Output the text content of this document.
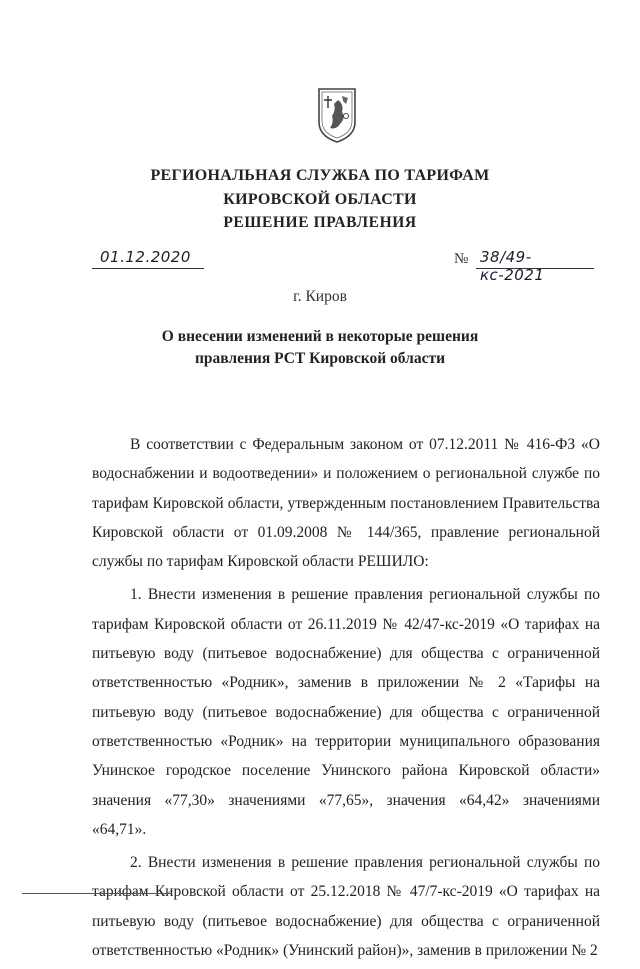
РЕГИОНАЛЬНАЯ СЛУЖБА ПО ТАРИФАМ
КИРОВСКОЙ ОБЛАСТИ
РЕШЕНИЕ ПРАВЛЕНИЯ
01.12.2020	№ 38/49-кс-2021
г. Киров
О внесении изменений в некоторые решения
правления РСТ Кировской области

В соответствии с Федеральным законом от 07.12.2011 № 416-ФЗ «О водоснабжении и водоотведении» и положением о региональной службе по тарифам Кировской области, утвержденным постановлением Правительства Кировской области от 01.09.2008 № 144/365, правление региональной службы по тарифам Кировской области РЕШИЛО:

1. Внести изменения в решение правления региональной службы по тарифам Кировской области от 26.11.2019 № 42/47-кс-2019 «О тарифах на питьевую воду (питьевое водоснабжение) для общества с ограниченной ответственностью «Родник», заменив в приложении № 2 «Тарифы на питьевую воду (питьевое водоснабжение) для общества с ограниченной ответственностью «Родник» на территории муниципального образования Унинское городское поселение Унинского района Кировской области» значения «77,30» значениями «77,65», значения «64,42» значениями «64,71».

2. Внести изменения в решение правления региональной службы по тарифам Кировской области от 25.12.2018 № 47/7-кс-2019 «О тарифах на питьевую воду (питьевое водоснабжение) для общества с ограниченной ответственностью «Родник» (Унинский район)», заменив в приложении № 2
